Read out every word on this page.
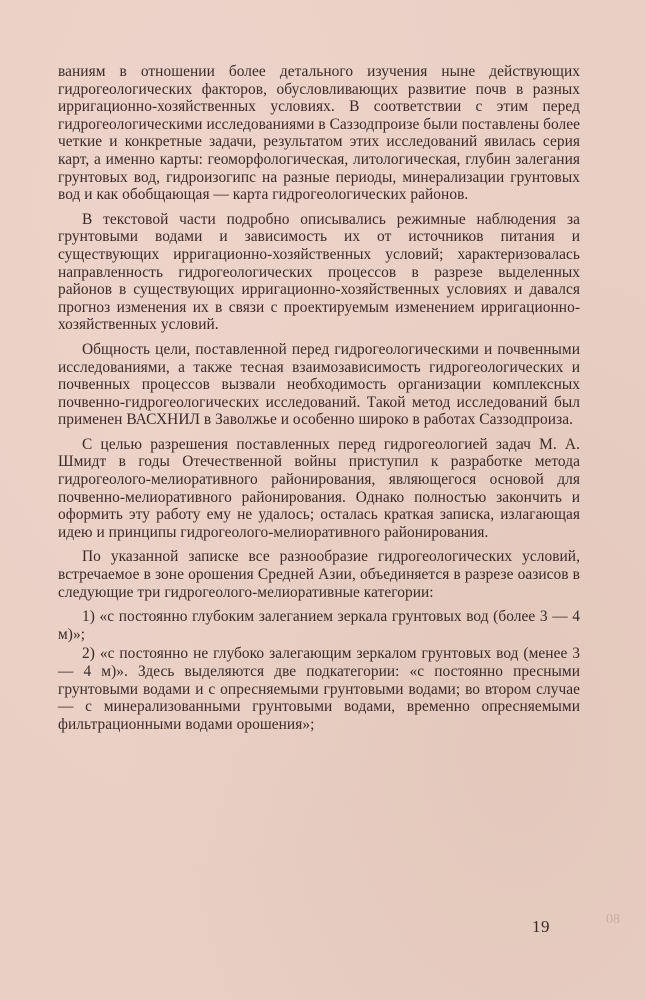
ваниям в отношении более детального изучения ныне действующих гидрогеологических факторов, обусловливающих развитие почв в разных ирригационно-хозяйственных условиях. В соответствии с этим перед гидрогеологическими исследованиями в Саззодпроизе были поставлены более четкие и конкретные задачи, результатом этих исследований явилась серия карт, а именно карты: геоморфологическая, литологическая, глубин залегания грунтовых вод, гидроизогипс на разные периоды, минерализации грунтовых вод и как обобщающая — карта гидрогеологических районов.

В текстовой части подробно описывались режимные наблюдения за грунтовыми водами и зависимость их от источников питания и существующих ирригационно-хозяйственных условий; характеризовалась направленность гидрогеологических процессов в разрезе выделенных районов в существующих ирригационно-хозяйственных условиях и давался прогноз изменения их в связи с проектируемым изменением ирригационно-хозяйственных условий.

Общность цели, поставленной перед гидрогеологическими и почвенными исследованиями, а также тесная взаимозависимость гидрогеологических и почвенных процессов вызвали необходимость организации комплексных почвенно-гидрогеологических исследований. Такой метод исследований был применен ВАСХНИЛ в Заволжье и особенно широко в работах Саззодпроиза.

С целью разрешения поставленных перед гидрогеологией задач М. А. Шмидт в годы Отечественной войны приступил к разработке метода гидрогеолого-мелиоративного районирования, являющегося основой для почвенно-мелиоративного районирования. Однако полностью закончить и оформить эту работу ему не удалось; осталась краткая записка, излагающая идею и принципы гидрогеолого-мелиоративного районирования.

По указанной записке все разнообразие гидрогеологических условий, встречаемое в зоне орошения Средней Азии, объединяется в разрезе оазисов в следующие три гидрогеолого-мелиоративные категории:

1) «с постоянно глубоким залеганием зеркала грунтовых вод (более 3 — 4 м)»;

2) «с постоянно не глубоко залегающим зеркалом грунтовых вод (менее 3 — 4 м)». Здесь выделяются две подкатегории: «с постоянно пресными грунтовыми водами и с опресняемыми грунтовыми водами; во втором случае — с минерализованными грунтовыми водами, временно опресняемыми фильтрационными водами орошения»;

19	08
